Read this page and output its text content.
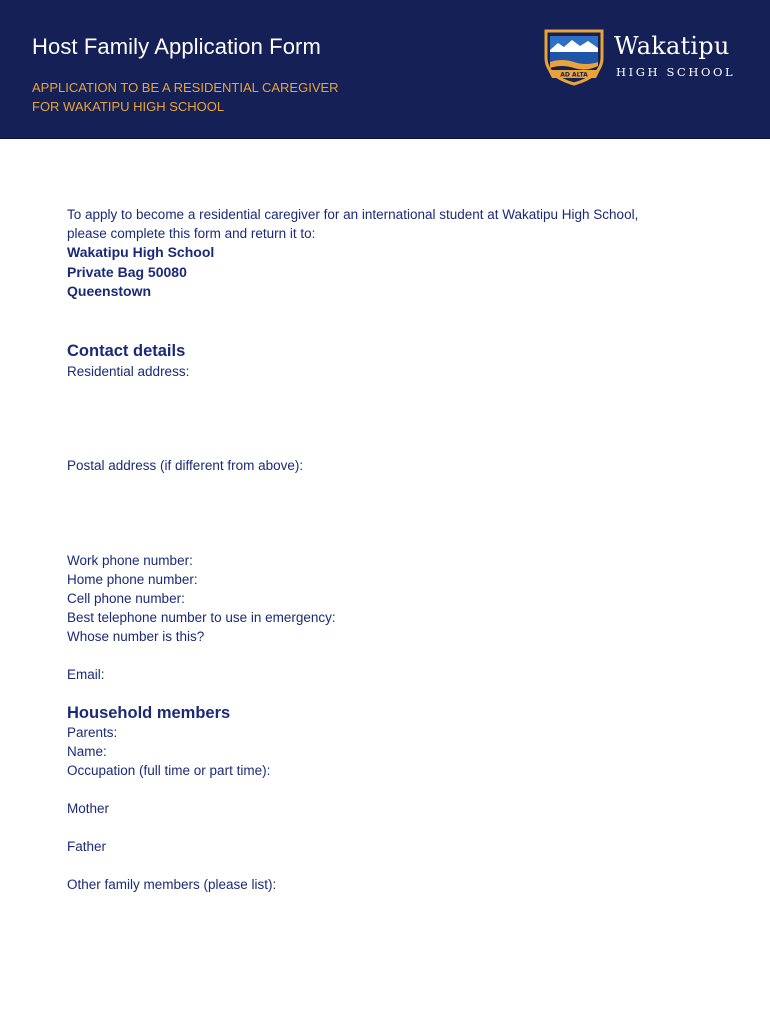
Host Family Application Form
APPLICATION TO BE A RESIDENTIAL CAREGIVER
FOR WAKATIPU HIGH SCHOOL
AD ALTA
Wakatipu
HIGH SCHOOL

To apply to become a residential caregiver for an international student at Wakatipu High School,

please complete this form and return it to:

Wakatipu High School

Private Bag 50080

Queenstown

Contact details

Residential address:

Postal address (if different from above):

Work phone number:

Home phone number:

Cell phone number:

Best telephone number to use in emergency:

Whose number is this?

Email:

Household members

Parents:

Name:

Occupation (full time or part time):

Mother

Father

Other family members (please list):
